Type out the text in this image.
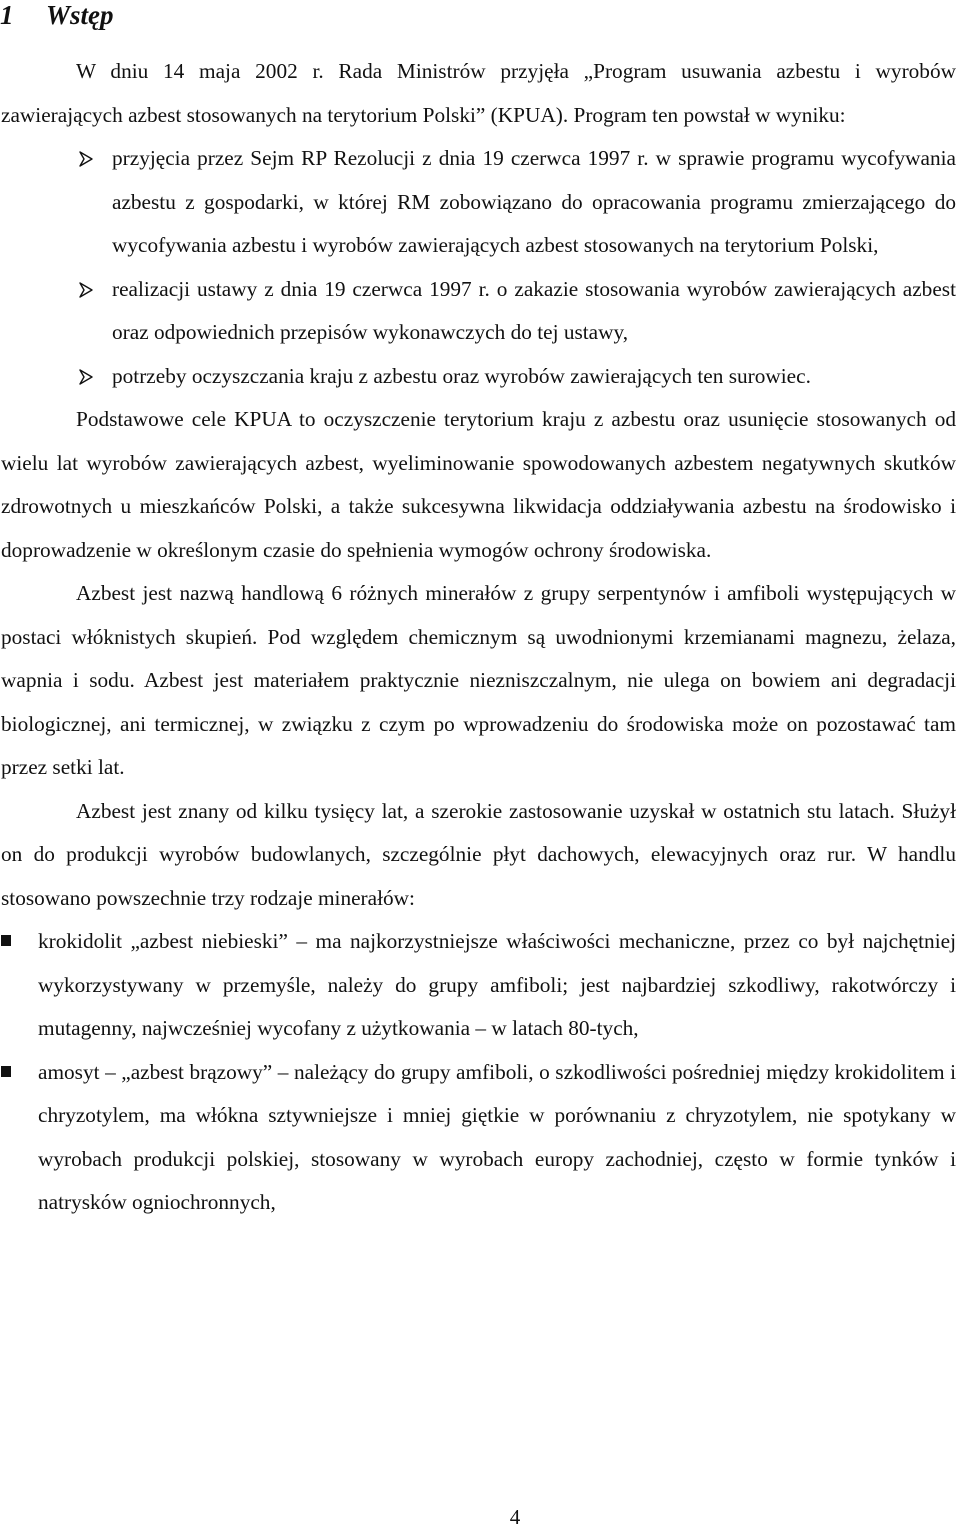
1 Wstęp

W dniu 14 maja 2002 r. Rada Ministrów przyjęła „Program usuwania azbestu i wyrobów zawierających azbest stosowanych na terytorium Polski” (KPUA). Program ten powstał w wyniku:

przyjęcia przez Sejm RP Rezolucji z dnia 19 czerwca 1997 r. w sprawie programu wycofywania azbestu z gospodarki, w której RM zobowiązano do opracowania programu zmierzającego do wycofywania azbestu i wyrobów zawierających azbest stosowanych na terytorium Polski,
realizacji ustawy z dnia 19 czerwca 1997 r. o zakazie stosowania wyrobów zawierających azbest oraz odpowiednich przepisów wykonawczych do tej ustawy,
potrzeby oczyszczania kraju z azbestu oraz wyrobów zawierających ten surowiec.

Podstawowe cele KPUA to oczyszczenie terytorium kraju z azbestu oraz usunięcie stosowanych od wielu lat wyrobów zawierających azbest, wyeliminowanie spowodowanych azbestem negatywnych skutków zdrowotnych u mieszkańców Polski, a także sukcesywna likwidacja oddziaływania azbestu na środowisko i doprowadzenie w określonym czasie do spełnienia wymogów ochrony środowiska.

Azbest jest nazwą handlową 6 różnych minerałów z grupy serpentynów i amfiboli występujących w postaci włóknistych skupień. Pod względem chemicznym są uwodnionymi krzemianami magnezu, żelaza, wapnia i sodu. Azbest jest materiałem praktycznie niezniszczalnym, nie ulega on bowiem ani degradacji biologicznej, ani termicznej, w związku z czym po wprowadzeniu do środowiska może on pozostawać tam przez setki lat.

Azbest jest znany od kilku tysięcy lat, a szerokie zastosowanie uzyskał w ostatnich stu latach. Służył on do produkcji wyrobów budowlanych, szczególnie płyt dachowych, elewacyjnych oraz rur. W handlu stosowano powszechnie trzy rodzaje minerałów:

krokidolit „azbest niebieski” – ma najkorzystniejsze właściwości mechaniczne, przez co był najchętniej wykorzystywany w przemyśle, należy do grupy amfiboli; jest najbardziej szkodliwy, rakotwórczy i mutagenny, najwcześniej wycofany z użytkowania – w latach 80-tych,
amosyt – „azbest brązowy” – należący do grupy amfiboli, o szkodliwości pośredniej między krokidolitem i chryzotylem, ma włókna sztywniejsze i mniej giętkie w porównaniu z chryzotylem, nie spotykany w wyrobach produkcji polskiej, stosowany w wyrobach europy zachodniej, często w formie tynków i natrysków ogniochronnych,
4
